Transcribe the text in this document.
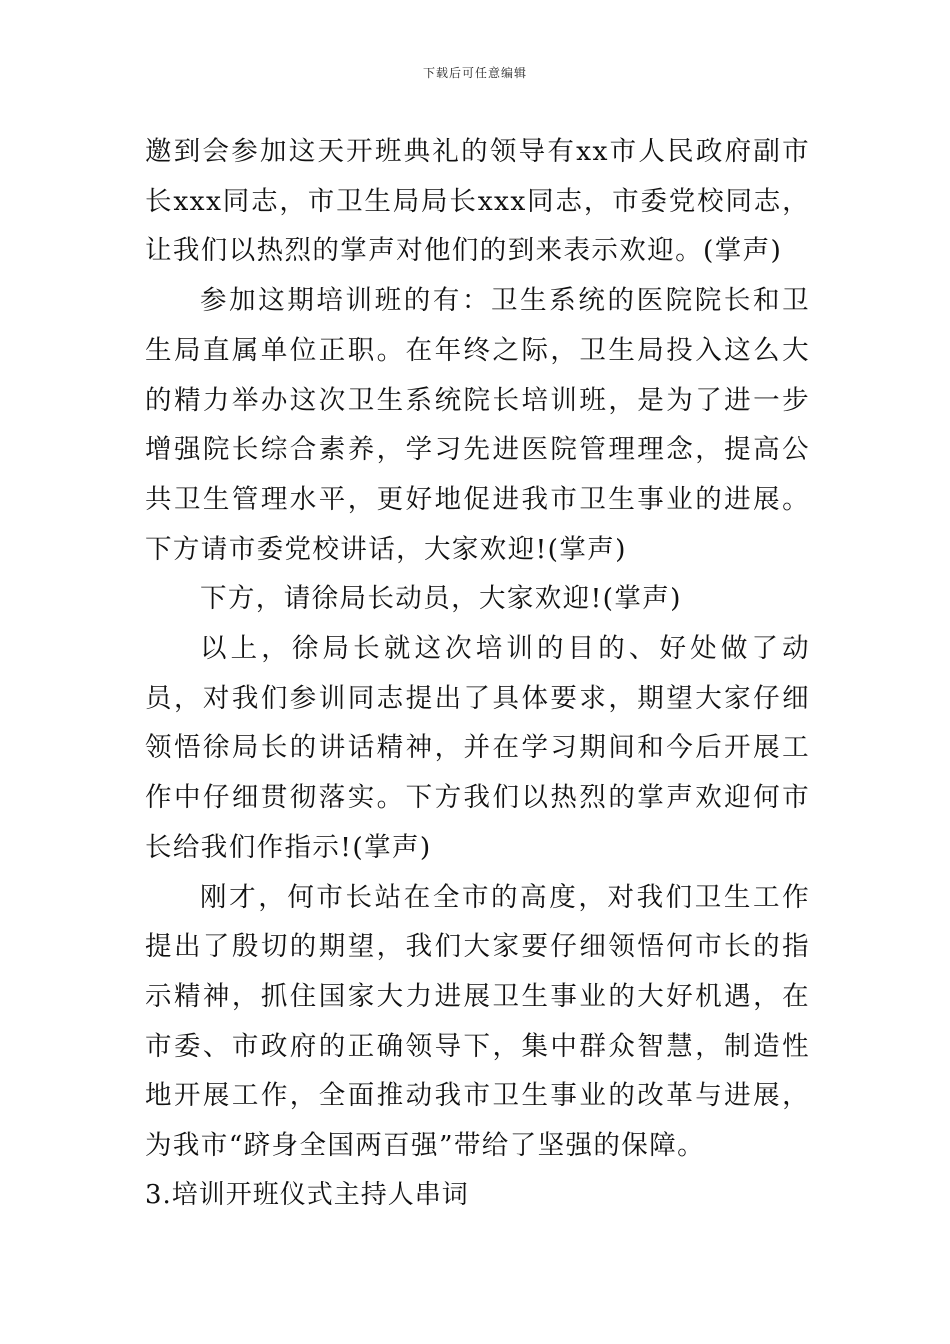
下载后可任意编辑

邀到会参加这天开班典礼的领导有xx市人民政府副市长xxx同志，市卫生局局长xxx同志，市委党校同志，让我们以热烈的掌声对他们的到来表示欢迎。(掌声)

参加这期培训班的有：卫生系统的医院院长和卫生局直属单位正职。在年终之际，卫生局投入这么大的精力举办这次卫生系统院长培训班，是为了进一步增强院长综合素养，学习先进医院管理理念，提高公共卫生管理水平，更好地促进我市卫生事业的进展。下方请市委党校讲话，大家欢迎!(掌声)

下方，请徐局长动员，大家欢迎!(掌声)

以上，徐局长就这次培训的目的、好处做了动员，对我们参训同志提出了具体要求，期望大家仔细领悟徐局长的讲话精神，并在学习期间和今后开展工作中仔细贯彻落实。下方我们以热烈的掌声欢迎何市长给我们作指示!(掌声)

刚才，何市长站在全市的高度，对我们卫生工作提出了殷切的期望，我们大家要仔细领悟何市长的指示精神，抓住国家大力进展卫生事业的大好机遇，在市委、市政府的正确领导下，集中群众智慧，制造性地开展工作，全面推动我市卫生事业的改革与进展，为我市“跻身全国两百强”带给了坚强的保障。

3.培训开班仪式主持人串词
